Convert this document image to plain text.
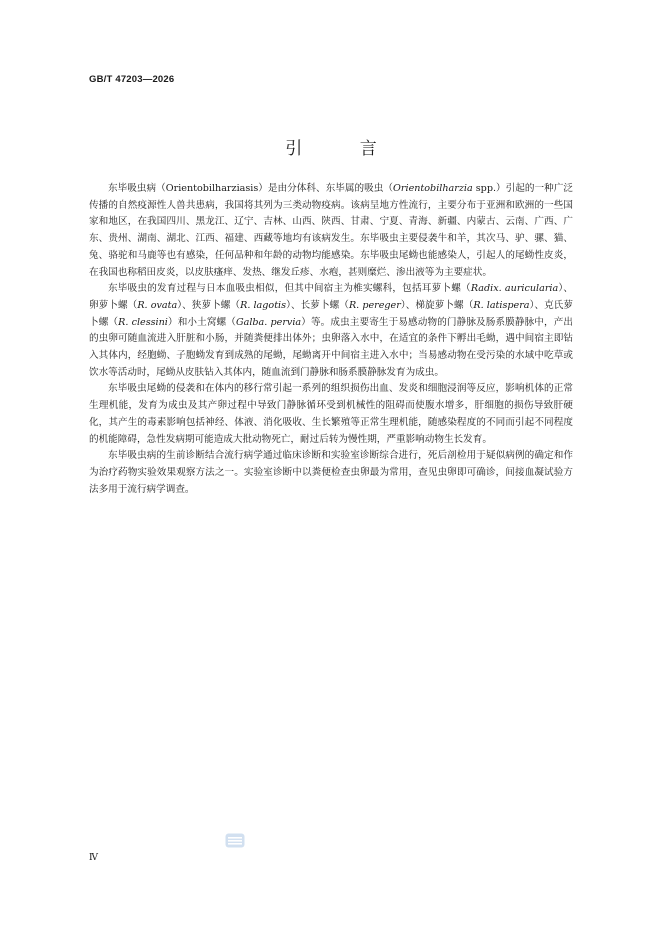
GB/T 47203—2026
引 言

东毕吸虫病（Orientobilharziasis）是由分体科、东毕属的吸虫（Orientobilharzia spp.）引起的一种广泛传播的自然疫源性人兽共患病，我国将其列为三类动物疫病。该病呈地方性流行，主要分布于亚洲和欧洲的一些国家和地区，在我国四川、黑龙江、辽宁、吉林、山西、陕西、甘肃、宁夏、青海、新疆、内蒙古、云南、广西、广东、贵州、湖南、湖北、江西、福建、西藏等地均有该病发生。东毕吸虫主要侵袭牛和羊，其次马、驴、骡、猫、兔、骆驼和马鹿等也有感染，任何品种和年龄的动物均能感染。东毕吸虫尾蚴也能感染人，引起人的尾蚴性皮炎，在我国也称稻田皮炎，以皮肤瘙痒、发热、继发丘疹、水疱，甚则糜烂、渗出液等为主要症状。

东毕吸虫的发育过程与日本血吸虫相似，但其中间宿主为椎实螺科，包括耳萝卜螺（Radix. auricularia）、卵萝卜螺（R. ovata）、狭萝卜螺（R. lagotis）、长萝卜螺（R. pereger）、梯旋萝卜螺（R. latispera）、克氏萝卜螺（R. clessini）和小土窝螺（Galba. pervia）等。成虫主要寄生于易感动物的门静脉及肠系膜静脉中，产出的虫卵可随血流进入肝脏和小肠，并随粪便排出体外；虫卵落入水中，在适宜的条件下孵出毛蚴，遇中间宿主即钻入其体内，经胞蚴、子胞蚴发育到成熟的尾蚴，尾蚴离开中间宿主进入水中；当易感动物在受污染的水域中吃草或饮水等活动时，尾蚴从皮肤钻入其体内，随血流到门静脉和肠系膜静脉发育为成虫。

东毕吸虫尾蚴的侵袭和在体内的移行常引起一系列的组织损伤出血、发炎和细胞浸润等反应，影响机体的正常生理机能，发育为成虫及其产卵过程中导致门静脉循环受到机械性的阻碍而使腹水增多，肝细胞的损伤导致肝硬化，其产生的毒素影响包括神经、体液、消化吸收、生长繁殖等正常生理机能，随感染程度的不同而引起不同程度的机能障碍，急性发病期可能造成大批动物死亡，耐过后转为慢性期，严重影响动物生长发育。

东毕吸虫病的生前诊断结合流行病学通过临床诊断和实验室诊断综合进行，死后剖检用于疑似病例的确定和作为治疗药物实验效果观察方法之一。实验室诊断中以粪便检查虫卵最为常用，查见虫卵即可确诊，间接血凝试验方法多用于流行病学调查。

Ⅳ
